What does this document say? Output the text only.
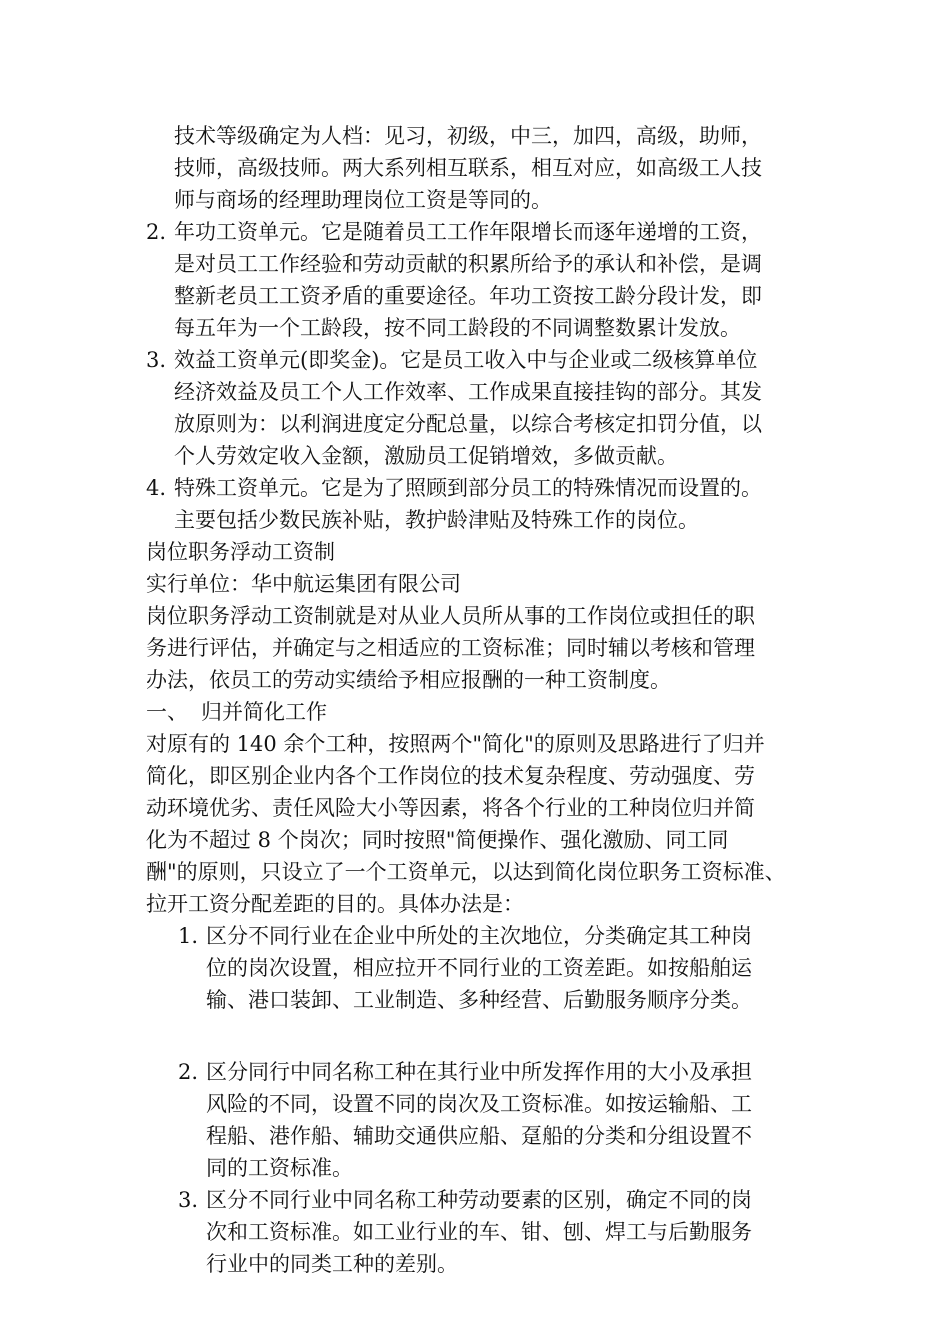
技术等级确定为人档：见习，初级，中三，加四，高级，助师，
技师，高级技师。两大系列相互联系，相互对应，如高级工人技
师与商场的经理助理岗位工资是等同的。
2. 年功工资单元。它是随着员工工作年限增长而逐年递增的工资，
是对员工工作经验和劳动贡献的积累所给予的承认和补偿，是调
整新老员工工资矛盾的重要途径。年功工资按工龄分段计发，即
每五年为一个工龄段，按不同工龄段的不同调整数累计发放。
3. 效益工资单元(即奖金)。它是员工收入中与企业或二级核算单位
经济效益及员工个人工作效率、工作成果直接挂钩的部分。其发
放原则为：以利润进度定分配总量，以综合考核定扣罚分值，以
个人劳效定收入金额，激励员工促销增效，多做贡献。
4. 特殊工资单元。它是为了照顾到部分员工的特殊情况而设置的。
主要包括少数民族补贴，教护龄津贴及特殊工作的岗位。
岗位职务浮动工资制
实行单位：华中航运集团有限公司
岗位职务浮动工资制就是对从业人员所从事的工作岗位或担任的职
务进行评估，并确定与之相适应的工资标准；同时辅以考核和管理
办法，依员工的劳动实绩给予相应报酬的一种工资制度。
一、 归并简化工作
对原有的 140 余个工种，按照两个"简化"的原则及思路进行了归并
简化，即区别企业内各个工作岗位的技术复杂程度、劳动强度、劳
动环境优劣、责任风险大小等因素，将各个行业的工种岗位归并简
化为不超过 8 个岗次；同时按照"简便操作、强化激励、同工同
酬"的原则，只设立了一个工资单元，以达到简化岗位职务工资标准、
拉开工资分配差距的目的。具体办法是：
1. 区分不同行业在企业中所处的主次地位，分类确定其工种岗
位的岗次设置，相应拉开不同行业的工资差距。如按船舶运
输、港口装卸、工业制造、多种经营、后勤服务顺序分类。
2. 区分同行中同名称工种在其行业中所发挥作用的大小及承担
风险的不同，设置不同的岗次及工资标准。如按运输船、工
程船、港作船、辅助交通供应船、趸船的分类和分组设置不
同的工资标准。
3. 区分不同行业中同名称工种劳动要素的区别，确定不同的岗
次和工资标准。如工业行业的车、钳、刨、焊工与后勤服务
行业中的同类工种的差别。
